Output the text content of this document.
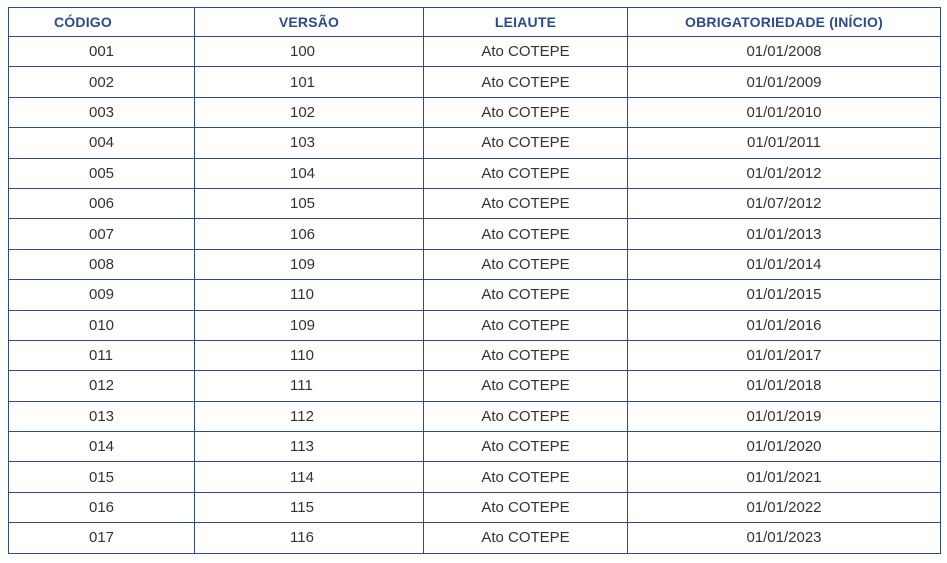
CÓDIGO	VERSÃO	LEIAUTE	OBRIGATORIEDADE (INÍCIO)
001	100	Ato COTEPE	01/01/2008
002	101	Ato COTEPE	01/01/2009
003	102	Ato COTEPE	01/01/2010
004	103	Ato COTEPE	01/01/2011
005	104	Ato COTEPE	01/01/2012
006	105	Ato COTEPE	01/07/2012
007	106	Ato COTEPE	01/01/2013
008	109	Ato COTEPE	01/01/2014
009	110	Ato COTEPE	01/01/2015
010	109	Ato COTEPE	01/01/2016
011	110	Ato COTEPE	01/01/2017
012	111	Ato COTEPE	01/01/2018
013	112	Ato COTEPE	01/01/2019
014	113	Ato COTEPE	01/01/2020
015	114	Ato COTEPE	01/01/2021
016	115	Ato COTEPE	01/01/2022
017	116	Ato COTEPE	01/01/2023
